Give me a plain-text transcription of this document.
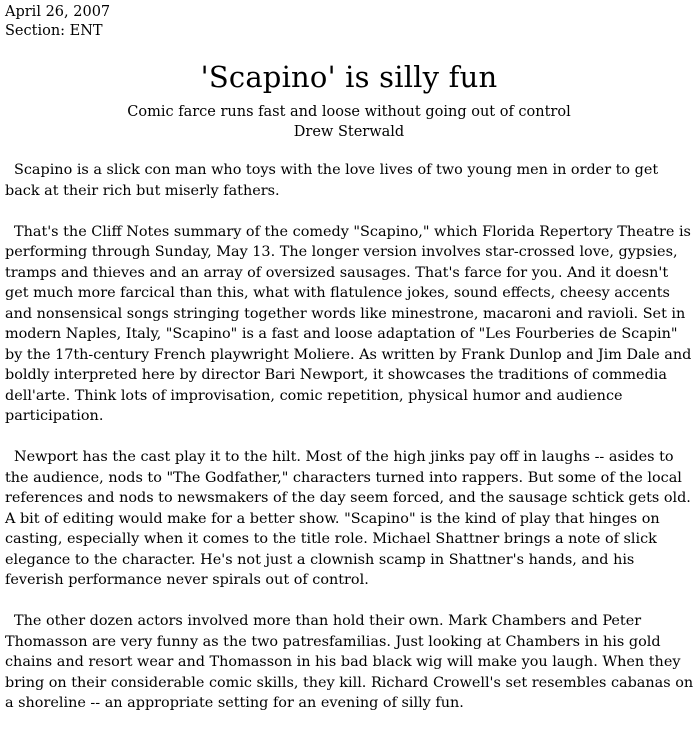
April 26, 2007
Section: ENT
'Scapino' is silly fun
Comic farce runs fast and loose without going out of control
Drew Sterwald

Scapino is a slick con man who toys with the love lives of two young men in order to get back at their rich but miserly fathers.

That's the Cliff Notes summary of the comedy "Scapino," which Florida Repertory Theatre is performing through Sunday, May 13. The longer version involves star-crossed love, gypsies, tramps and thieves and an array of oversized sausages. That's farce for you. And it doesn't get much more farcical than this, what with flatulence jokes, sound effects, cheesy accents and nonsensical songs stringing together words like minestrone, macaroni and ravioli. Set in modern Naples, Italy, "Scapino" is a fast and loose adaptation of "Les Fourberies de Scapin" by the 17th-century French playwright Moliere. As written by Frank Dunlop and Jim Dale and boldly interpreted here by director Bari Newport, it showcases the traditions of commedia dell'arte. Think lots of improvisation, comic repetition, physical humor and audience participation.

Newport has the cast play it to the hilt. Most of the high jinks pay off in laughs -- asides to the audience, nods to "The Godfather," characters turned into rappers. But some of the local references and nods to newsmakers of the day seem forced, and the sausage schtick gets old. A bit of editing would make for a better show. "Scapino" is the kind of play that hinges on casting, especially when it comes to the title role. Michael Shattner brings a note of slick elegance to the character. He's not just a clownish scamp in Shattner's hands, and his feverish performance never spirals out of control.

The other dozen actors involved more than hold their own. Mark Chambers and Peter Thomasson are very funny as the two patresfamilias. Just looking at Chambers in his gold chains and resort wear and Thomasson in his bad black wig will make you laugh. When they bring on their considerable comic skills, they kill. Richard Crowell's set resembles cabanas on a shoreline -- an appropriate setting for an evening of silly fun.
